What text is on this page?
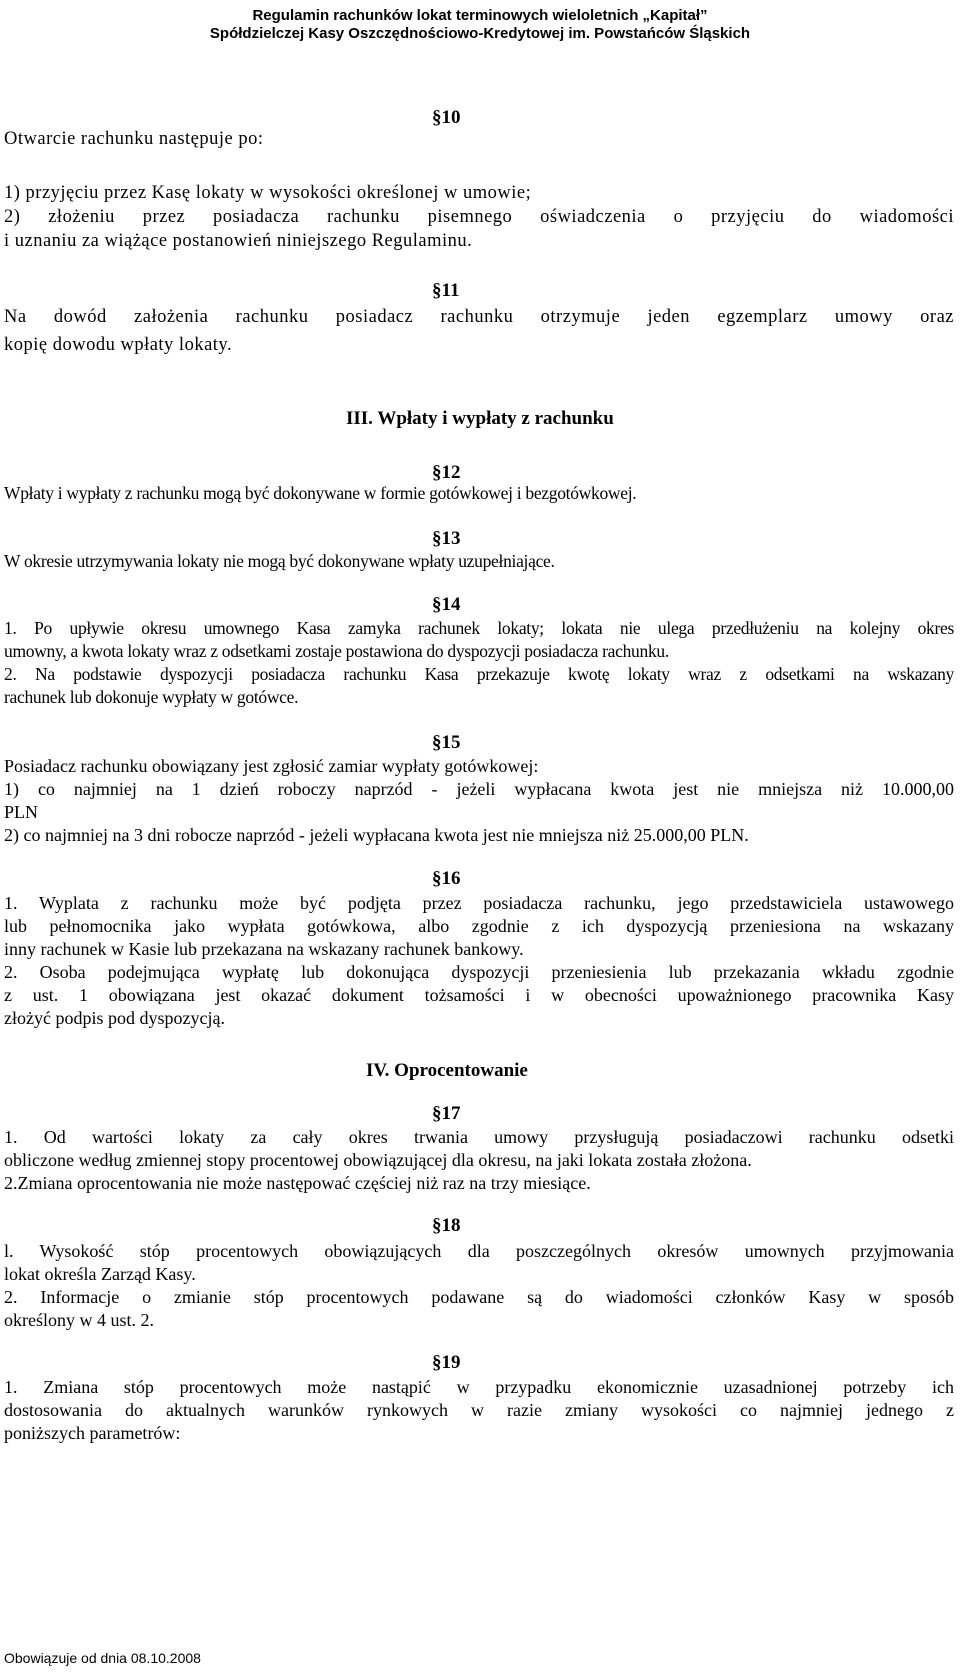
Regulamin rachunków lokat terminowych wieloletnich „Kapitał”
Spółdzielczej Kasy Oszczędnościowo-Kredytowej im. Powstańców Śląskich

Otwarcie rachunku następuje po:

§10

1) przyjęciu przez Kasę lokaty w wysokości określonej w umowie;

2) złożeniu przez posiadacza rachunku pisemnego oświadczenia o przyjęciu do wiadomości

i uznaniu za wiążące postanowień niniejszego Regulaminu.

§11

Na dowód założenia rachunku posiadacz rachunku otrzymuje jeden egzemplarz umowy oraz

kopię dowodu wpłaty lokaty.

III. Wpłaty i wypłaty z rachunku

§12

Wpłaty i wypłaty z rachunku mogą być dokonywane w formie gotówkowej i bezgotówkowej.

§13

W okresie utrzymywania lokaty nie mogą być dokonywane wpłaty uzupełniające.

§14

1. Po upływie okresu umownego Kasa zamyka rachunek lokaty; lokata nie ulega przedłużeniu na kolejny okres

umowny, a kwota lokaty wraz z odsetkami zostaje postawiona do dyspozycji posiadacza rachunku.

2. Na podstawie dyspozycji posiadacza rachunku Kasa przekazuje kwotę lokaty wraz z odsetkami na wskazany

rachunek lub dokonuje wypłaty w gotówce.

§15

Posiadacz rachunku obowiązany jest zgłosić zamiar wypłaty gotówkowej:

1) co najmniej na 1 dzień roboczy naprzód - jeżeli wypłacana kwota jest nie mniejsza niż 10.000,00

PLN

2) co najmniej na 3 dni robocze naprzód - jeżeli wypłacana kwota jest nie mniejsza niż 25.000,00 PLN.

§16

1. Wyplata z rachunku może być podjęta przez posiadacza rachunku, jego przedstawiciela ustawowego

lub pełnomocnika jako wypłata gotówkowa, albo zgodnie z ich dyspozycją przeniesiona na wskazany

inny rachunek w Kasie lub przekazana na wskazany rachunek bankowy.

2. Osoba podejmująca wypłatę lub dokonująca dyspozycji przeniesienia lub przekazania wkładu zgodnie

z ust. 1 obowiązana jest okazać dokument tożsamości i w obecności upoważnionego pracownika Kasy

złożyć podpis pod dyspozycją.

IV. Oprocentowanie

§17

1. Od wartości lokaty za cały okres trwania umowy przysługują posiadaczowi rachunku odsetki

obliczone według zmiennej stopy procentowej obowiązującej dla okresu, na jaki lokata została złożona.

2.Zmiana oprocentowania nie może następować częściej niż raz na trzy miesiące.

§18

l. Wysokość stóp procentowych obowiązujących dla poszczególnych okresów umownych przyjmowania

lokat określa Zarząd Kasy.

2. Informacje o zmianie stóp procentowych podawane są do wiadomości członków Kasy w sposób

określony w 4 ust. 2.

§19

1. Zmiana stóp procentowych może nastąpić w przypadku ekonomicznie uzasadnionej potrzeby ich

dostosowania do aktualnych warunków rynkowych w razie zmiany wysokości co najmniej jednego z

poniższych parametrów:

Obowiązuje od dnia 08.10.2008
